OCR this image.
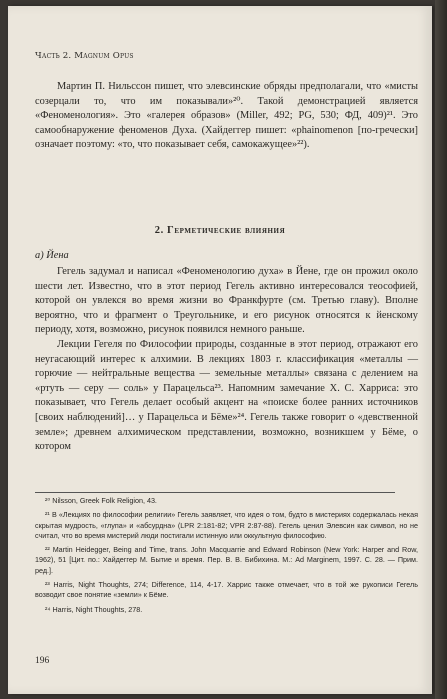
Часть 2. Magnum Opus

Мартин П. Нильссон пишет, что элевсинские обряды предполагали, что «мисты созерцали то, что им показывали»²⁰. Такой демонстрацией является «Феноменология». Это «галерея образов» (Miller, 492; PG, 530; ФД, 409)²¹. Это самообнаружение феноменов Духа. (Хайдеггер пишет: «phainomenon [по-гречески] означает поэтому: «то, что показывает себя, самокажущее»²²).

2. Герметические влияния
а) Йена

Гегель задумал и написал «Феноменологию духа» в Йене, где он прожил около шести лет. Известно, что в этот период Гегель активно интересовался теософией, которой он увлекся во время жизни во Франкфурте (см. Третью главу). Вполне вероятно, что и фрагмент о Треугольнике, и его рисунок относятся к йенскому периоду, хотя, возможно, рисунок появился немного раньше.

Лекции Гегеля по Философии природы, созданные в этот период, отражают его неугасающий интерес к алхимии. В лекциях 1803 г. классификация «металлы — горючие — нейтральные вещества — земельные металлы» связана с делением на «ртуть — серу — соль» у Парацельса²³. Напомним замечание Х. С. Харриса: это показывает, что Гегель делает особый акцент на «поиске более ранних источников [своих наблюдений]… у Парацельса и Бёме»²⁴. Гегель также говорит о «девственной земле»; древнем алхимическом представлении, возможно, возникшем у Бёме, о котором

²⁰ Nilsson, Greek Folk Religion, 43.

²¹ В «Лекциях по философии религии» Гегель заявляет, что идея о том, будто в мистериях содержалась некая скрытая мудрость, «глупа» и «абсурдна» (LPR 2:181-82; VPR 2:87-88). Гегель ценил Элевсин как символ, но не считал, что во время мистерий люди постигали истинную или оккультную философию.

²² Martin Heidegger, Being and Time, trans. John Macquarrie and Edward Robinson (New York: Harper and Row, 1962), 51 [Цит. по.: Хайдеггер М. Бытие и время. Пер. В. В. Бибихина. М.: Ad Marginem, 1997. С. 28. — Прим. ред.].

²³ Harris, Night Thoughts, 274; Difference, 114, 4-17. Харрис также отмечает, что в той же рукописи Гегель возводит свое понятие «земли» к Бёме.

²⁴ Harris, Night Thoughts, 278.

196
